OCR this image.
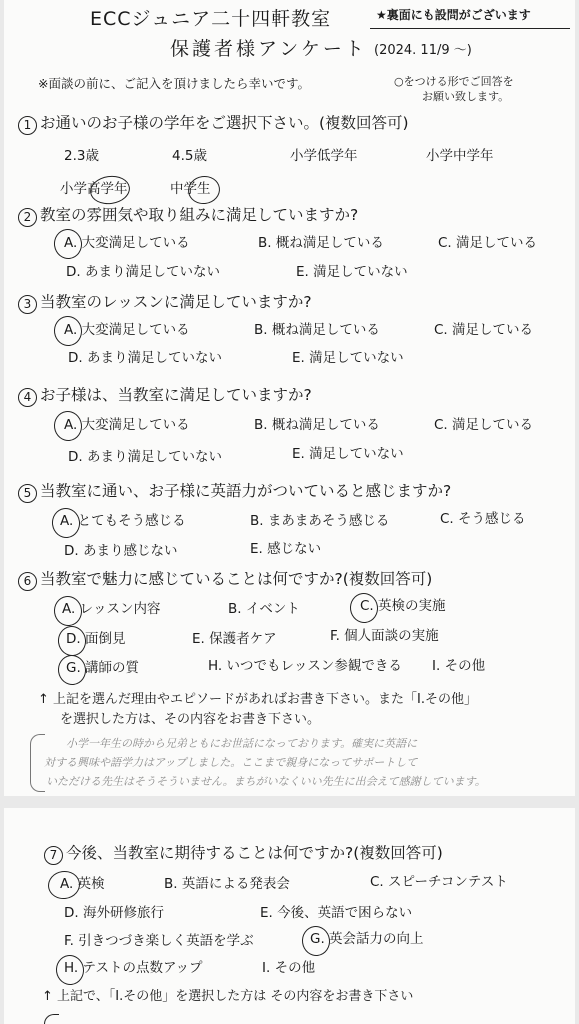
ECCジュニア二十四軒教室
保護者様アンケート (2024. 11/9 〜)
★裏面にも設問がございます
※面談の前に、ご記入を頂けましたら幸いです。	○をつける形でご回答を
お願い致します。
1 お通いのお子様の学年をご選択下さい。(複数回答可)
2.3歳	4.5歳	小学低学年	小学中学年
小学高学年	中学生
2 教室の雰囲気や取り組みに満足していますか?
A. 大変満足している	B. 概ね満足している	C. 満足している
D. あまり満足していない	E. 満足していない
3 当教室のレッスンに満足していますか?
A. 大変満足している	B. 概ね満足している	C. 満足している
D. あまり満足していない	E. 満足していない
4 お子様は、当教室に満足していますか?
A. 大変満足している	B. 概ね満足している	C. 満足している
D. あまり満足していない	E. 満足していない
5 当教室に通い、お子様に英語力がついていると感じますか?
A. とてもそう感じる	B. まあまあそう感じる	C. そう感じる
D. あまり感じない	E. 感じない
6 当教室で魅力に感じていることは何ですか?(複数回答可)
A. レッスン内容	B. イベント	C. 英検の実施
D. 面倒見	E. 保護者ケア	F. 個人面談の実施
G. 講師の質	H. いつでもレッスン参観できる I. その他
↑ 上記を選んだ理由やエピソードがあればお書き下さい。また「I.その他」
を選択した方は、その内容をお書き下さい。
小学一年生の時から兄弟ともにお世話になっております。確実に英語に
対する興味や語学力はアップしました。ここまで親身になってサポートして
いただける先生はそうそういません。まちがいなくいい先生に出会えて感謝しています。
7 今後、当教室に期待することは何ですか?(複数回答可)
A. 英検	B. 英語による発表会	C. スピーチコンテスト
D. 海外研修旅行	E. 今後、英語で困らない
F. 引きつづき楽しく英語を学ぶ	G. 英会話力の向上
H. テストの点数アップ	I. その他
↑ 上記で、「I.その他」を選択した方は その内容をお書き下さい
